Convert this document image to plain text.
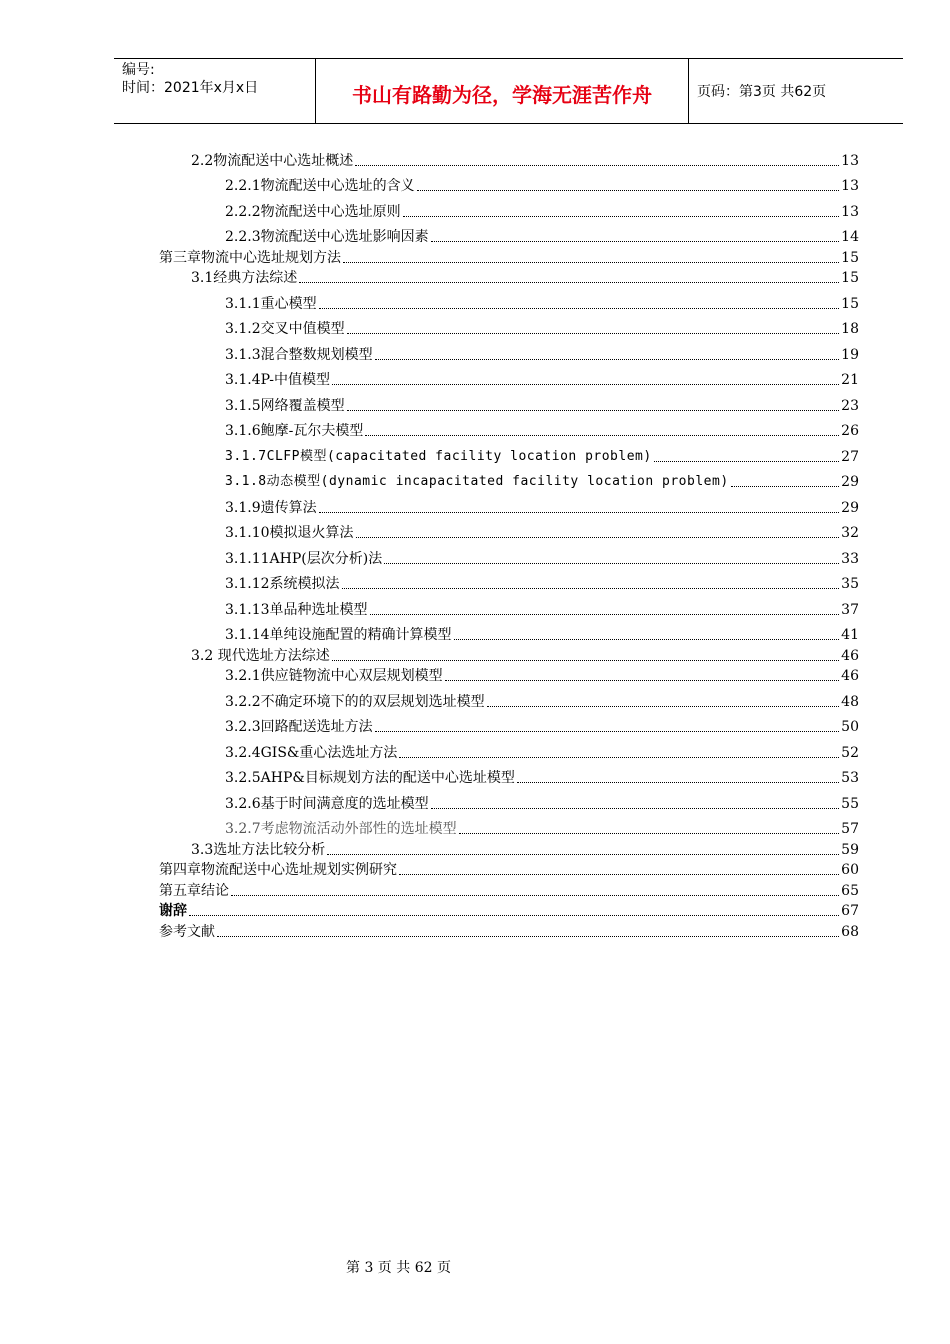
编号:
时间：2021年x月x日	书山有路勤为径，学海无涯苦作舟	页码：第3页 共62页
2.2物流配送中心选址概述	13
2.2.1物流配送中心选址的含义	13
2.2.2物流配送中心选址原则	13
2.2.3物流配送中心选址影响因素	14
第三章物流中心选址规划方法	15
3.1经典方法综述	15
3.1.1重心模型	15
3.1.2交叉中值模型	18
3.1.3混合整数规划模型	19
3.1.4P-中值模型	21
3.1.5网络覆盖模型	23
3.1.6鲍摩-瓦尔夫模型	26
3.1.7CLFP模型(capacitated facility location problem)	27
3.1.8动态模型(dynamic incapacitated facility location problem)	29
3.1.9遗传算法	29
3.1.10模拟退火算法	32
3.1.11AHP(层次分析)法	33
3.1.12系统模拟法	35
3.1.13单品种选址模型	37
3.1.14单纯设施配置的精确计算模型	41
3.2 现代选址方法综述	46
3.2.1供应链物流中心双层规划模型	46
3.2.2不确定环境下的的双层规划选址模型	48
3.2.3回路配送选址方法	50
3.2.4GIS&重心法选址方法	52
3.2.5AHP&目标规划方法的配送中心选址模型	53
3.2.6基于时间满意度的选址模型	55
3.2.7考虑物流活动外部性的选址模型	57
3.3选址方法比较分析	59
第四章物流配送中心选址规划实例研究	60
第五章结论	65
谢辞	67
参考文献	68
第 3 页 共 62 页
